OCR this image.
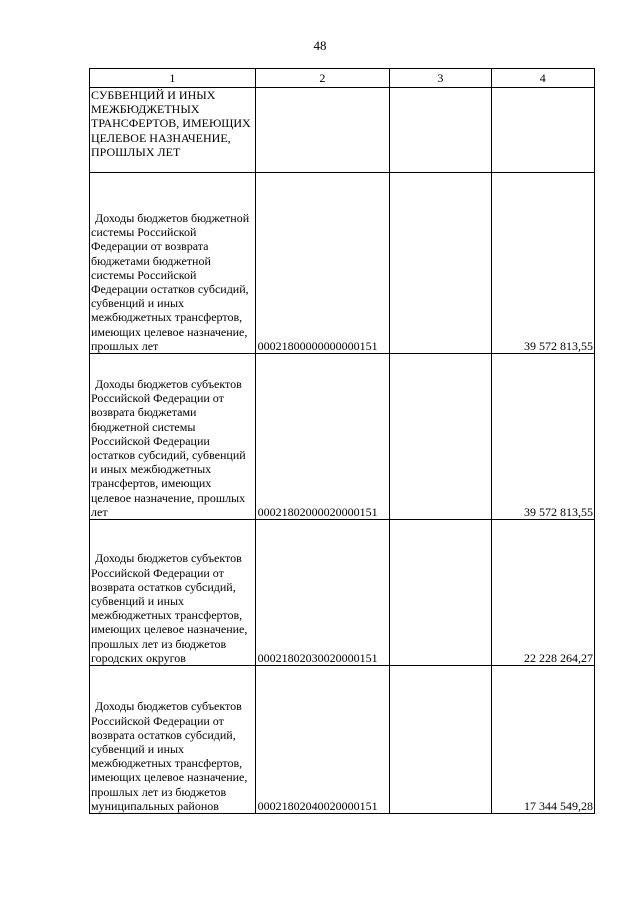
48
1	2	3	4
СУБВЕНЦИЙ И ИНЫХ МЕЖБЮДЖЕТНЫХ ТРАНСФЕРТОВ, ИМЕЮЩИХ ЦЕЛЕВОЕ НАЗНАЧЕНИЕ, ПРОШЛЫХ ЛЕТ			
Доходы бюджетов бюджетной системы Российской Федерации от возврата бюджетами бюджетной системы Российской Федерации остатков субсидий, субвенций и иных межбюджетных трансфертов, имеющих целевое назначение, прошлых лет	00021800000000000151		39 572 813,55
Доходы бюджетов субъектов Российской Федерации от возврата бюджетами бюджетной системы Российской Федерации остатков субсидий, субвенций и иных межбюджетных трансфертов, имеющих целевое назначение, прошлых лет	00021802000020000151		39 572 813,55
Доходы бюджетов субъектов Российской Федерации от возврата остатков субсидий, субвенций и иных межбюджетных трансфертов, имеющих целевое назначение, прошлых лет из бюджетов городских округов	00021802030020000151		22 228 264,27
Доходы бюджетов субъектов Российской Федерации от возврата остатков субсидий, субвенций и иных межбюджетных трансфертов, имеющих целевое назначение, прошлых лет из бюджетов муниципальных районов	00021802040020000151		17 344 549,28
